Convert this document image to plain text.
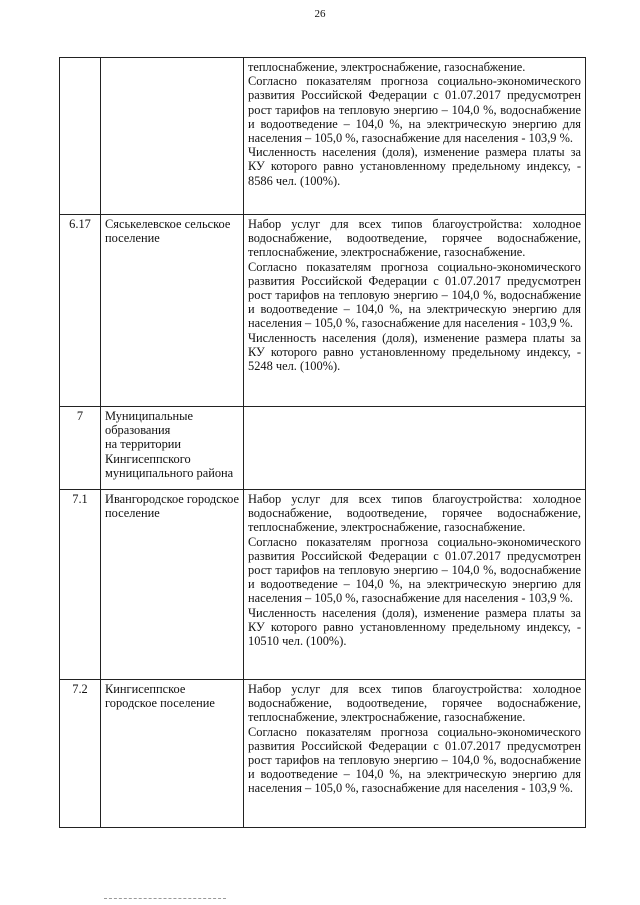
26

		теплоснабжение, электроснабжение, газоснабжение.

Согласно показателям прогноза социально-экономического развития Российской Федерации с 01.07.2017 предусмотрен рост тарифов на тепловую энергию – 104,0 %, водоснабжение и водоотведение – 104,0 %, на электрическую энергию для населения – 105,0 %, газоснабжение для населения - 103,9 %.

Численность населения (доля), изменение размера платы за КУ которого равно установленному предельному индексу, - 8586 чел. (100%).

6.17	Сяськелевское сельское поселение	Набор услуг для всех типов благоустройства: холодное водоснабжение, водоотведение, горячее водоснабжение, теплоснабжение, электроснабжение, газоснабжение.

Согласно показателям прогноза социально-экономического развития Российской Федерации с 01.07.2017 предусмотрен рост тарифов на тепловую энергию – 104,0 %, водоснабжение и водоотведение – 104,0 %, на электрическую энергию для населения – 105,0 %, газоснабжение для населения - 103,9 %.

Численность населения (доля), изменение размера платы за КУ которого равно установленному предельному индексу, - 5248 чел. (100%).

7	Муниципальные
образования
на территории
Кингисеппского
муниципального района	
7.1	Ивангородское городское поселение	Набор услуг для всех типов благоустройства: холодное водоснабжение, водоотведение, горячее водоснабжение, теплоснабжение, электроснабжение, газоснабжение.

Согласно показателям прогноза социально-экономического развития Российской Федерации с 01.07.2017 предусмотрен рост тарифов на тепловую энергию – 104,0 %, водоснабжение и водоотведение – 104,0 %, на электрическую энергию для населения – 105,0 %, газоснабжение для населения - 103,9 %.

Численность населения (доля), изменение размера платы за КУ которого равно установленному предельному индексу, - 10510 чел. (100%).

7.2	Кингисеппское городское поселение	Набор услуг для всех типов благоустройства: холодное водоснабжение, водоотведение, горячее водоснабжение, теплоснабжение, электроснабжение, газоснабжение.

Согласно показателям прогноза социально-экономического развития Российской Федерации с 01.07.2017 предусмотрен рост тарифов на тепловую энергию – 104,0 %, водоснабжение и водоотведение – 104,0 %, на электрическую энергию для населения – 105,0 %, газоснабжение для населения - 103,9 %.
